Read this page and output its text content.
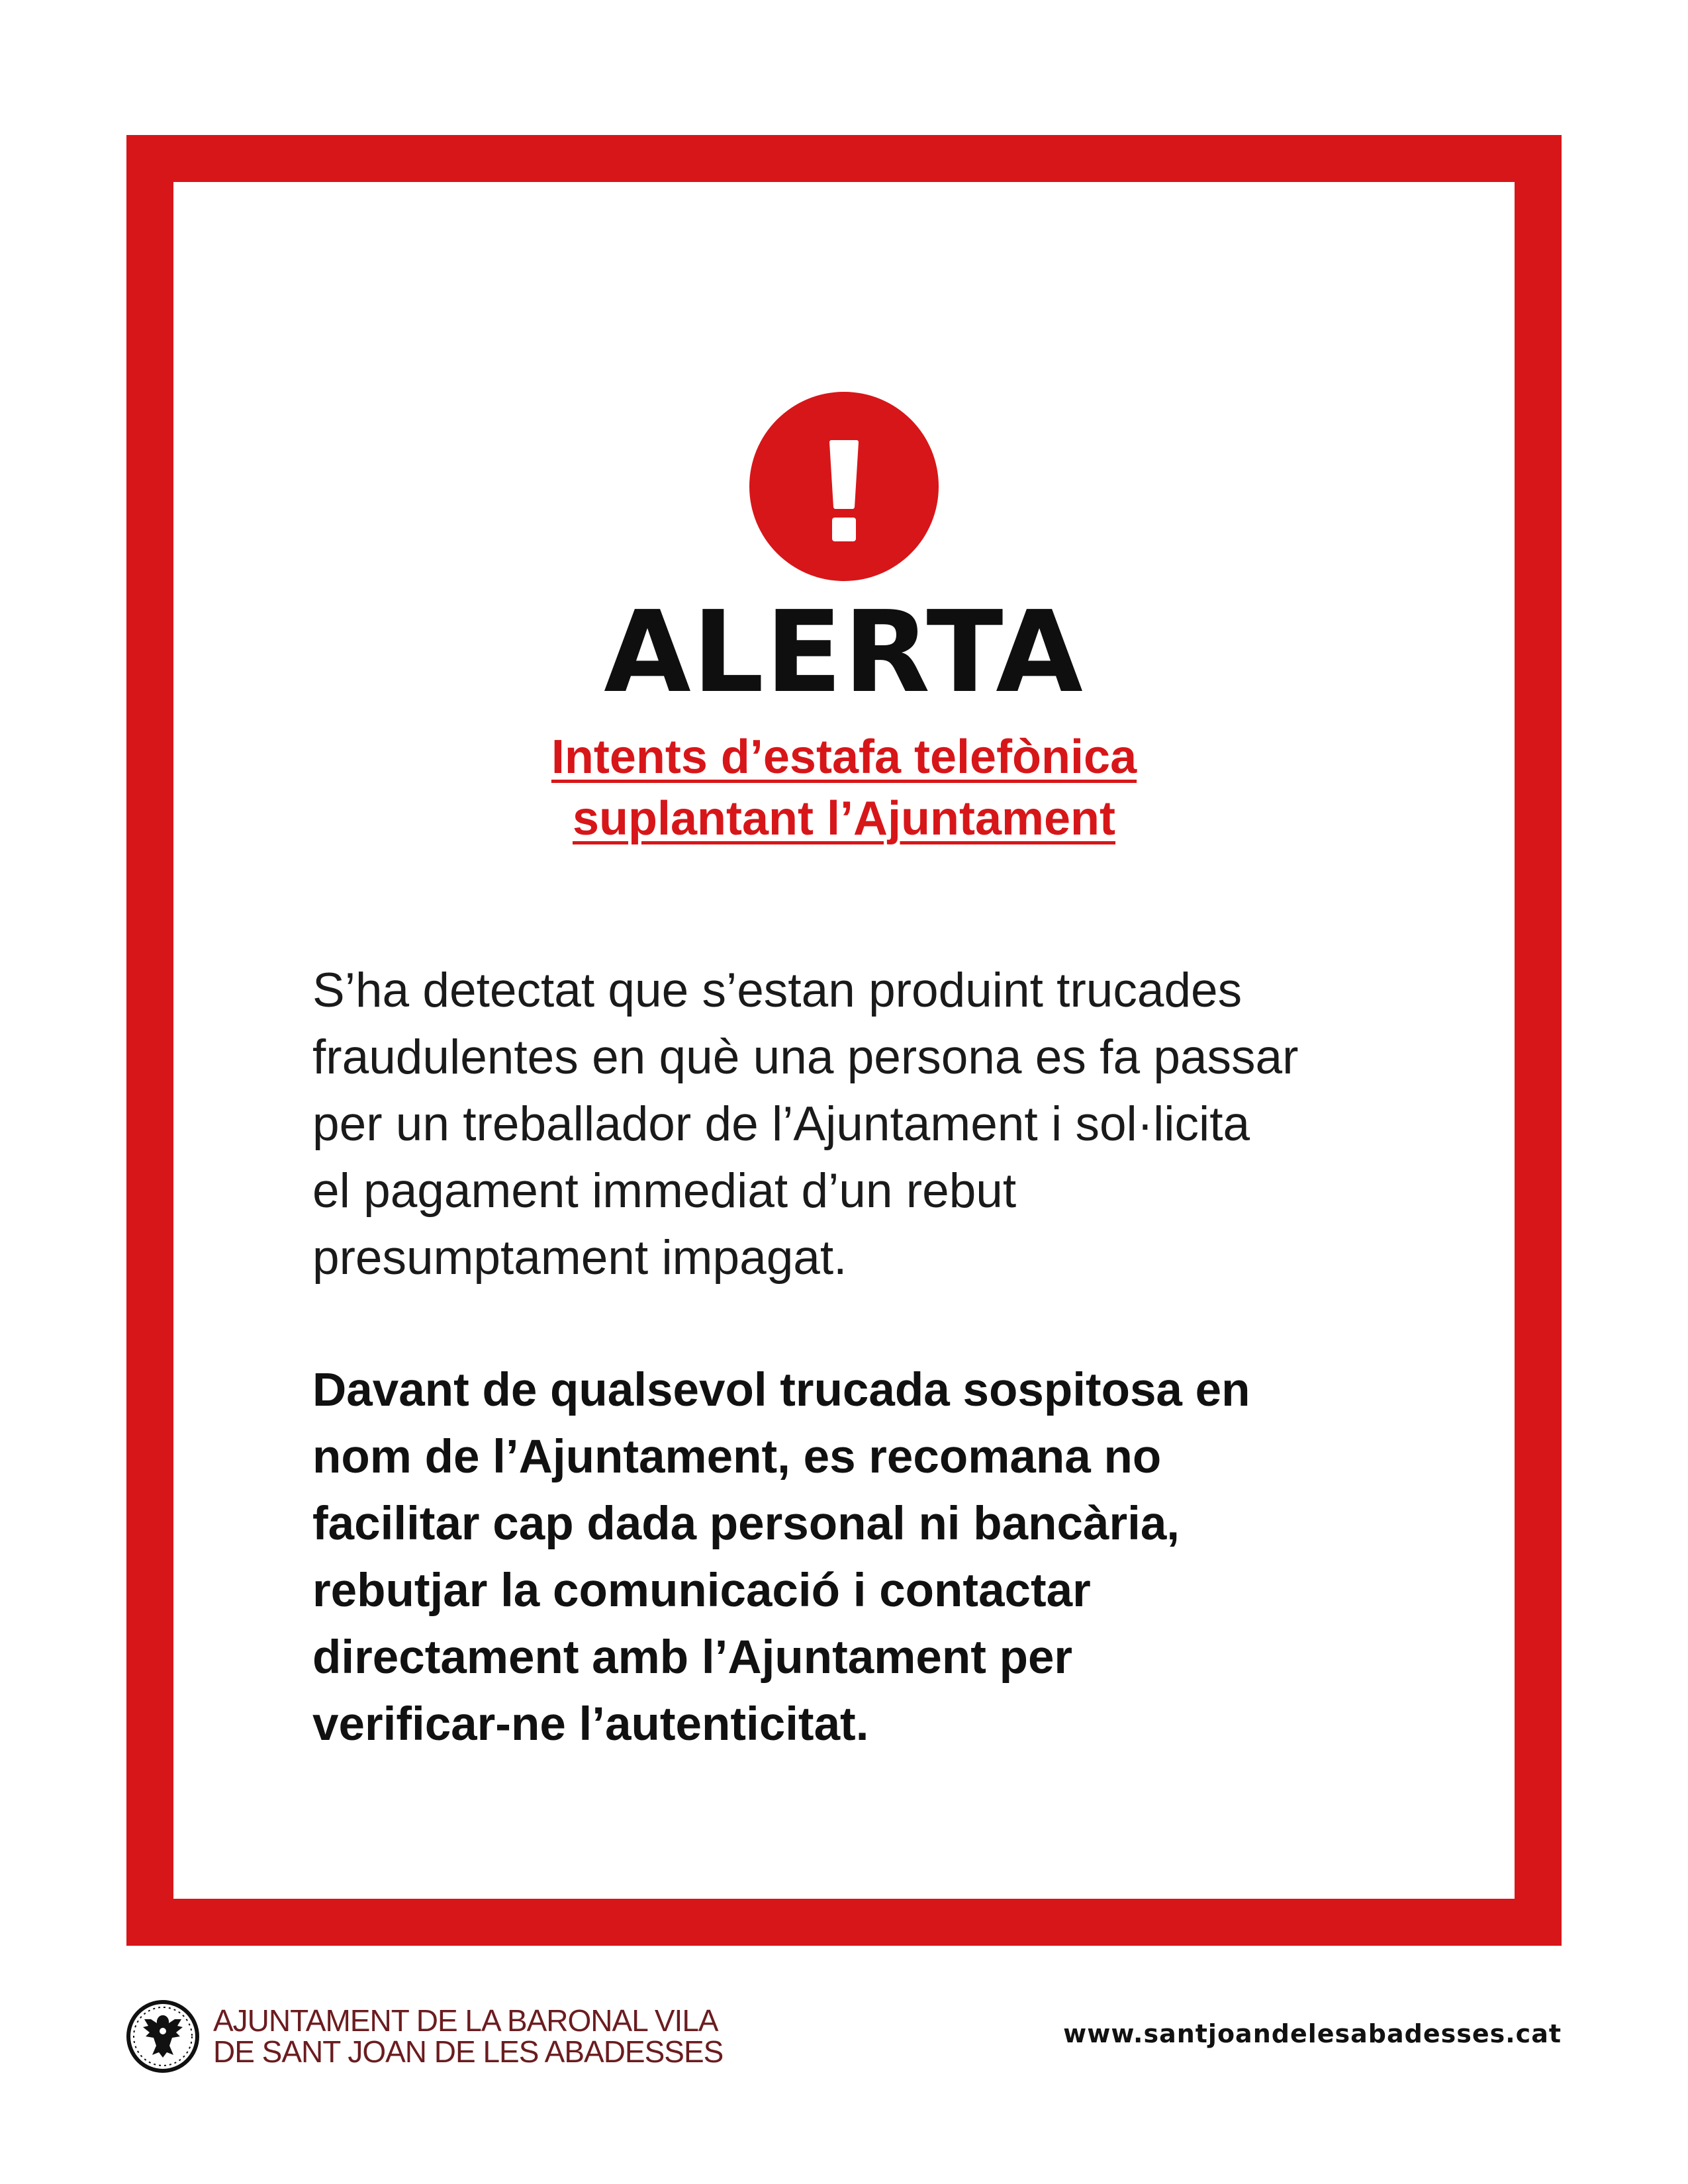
ALERTA
Intents d’estafa telefònica
suplantant l’Ajuntament

S’ha detectat que s’estan produint trucades
fraudulentes en què una persona es fa passar
per un treballador de l’Ajuntament i sol·licita
el pagament immediat d’un rebut
presumptament impagat.

Davant de qualsevol trucada sospitosa en
nom de l’Ajuntament, es recomana no
facilitar cap dada personal ni bancària,
rebutjar la comunicació i contactar
directament amb l’Ajuntament per
verificar-ne l’autenticitat.

AJUNTAMENT DE LA BARONAL VILA
DE SANT JOAN DE LES ABADESSES
www.santjoandelesabadesses.cat
